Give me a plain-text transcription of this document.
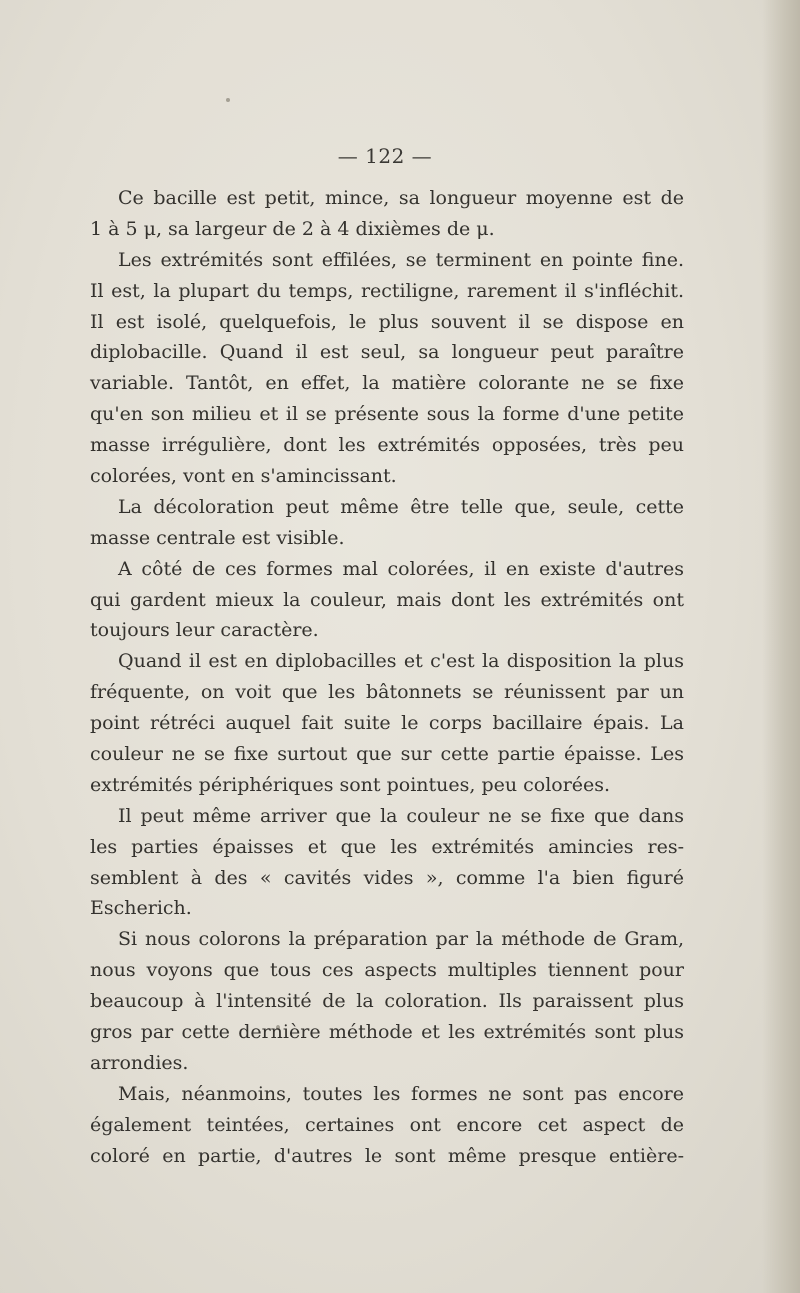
— 122 —
Ce bacille est petit, mince, sa longueur moyenne est de
1 à 5 μ, sa largeur de 2 à 4 dixièmes de μ.
Les extrémités sont effilées, se terminent en pointe fine.
Il est, la plupart du temps, rectiligne, rarement il s'infléchit.
Il est isolé, quelquefois, le plus souvent il se dispose en
diplobacille. Quand il est seul, sa longueur peut paraître
variable. Tantôt, en effet, la matière colorante ne se fixe
qu'en son milieu et il se présente sous la forme d'une petite
masse irrégulière, dont les extrémités opposées, très peu
colorées, vont en s'amincissant.
La décoloration peut même être telle que, seule, cette
masse centrale est visible.
A côté de ces formes mal colorées, il en existe d'autres
qui gardent mieux la couleur, mais dont les extrémités ont
toujours leur caractère.
Quand il est en diplobacilles et c'est la disposition la plus
fréquente, on voit que les bâtonnets se réunissent par un
point rétréci auquel fait suite le corps bacillaire épais. La
couleur ne se fixe surtout que sur cette partie épaisse. Les
extrémités périphériques sont pointues, peu colorées.
Il peut même arriver que la couleur ne se fixe que dans
les parties épaisses et que les extrémités amincies res-
semblent à des « cavités vides », comme l'a bien figuré
Escherich.
Si nous colorons la préparation par la méthode de Gram,
nous voyons que tous ces aspects multiples tiennent pour
beaucoup à l'intensité de la coloration. Ils paraissent plus
gros par cette dernière méthode et les extrémités sont plus
arrondies.
Mais, néanmoins, toutes les formes ne sont pas encore
également teintées, certaines ont encore cet aspect de
coloré en partie, d'autres le sont même presque entière-
